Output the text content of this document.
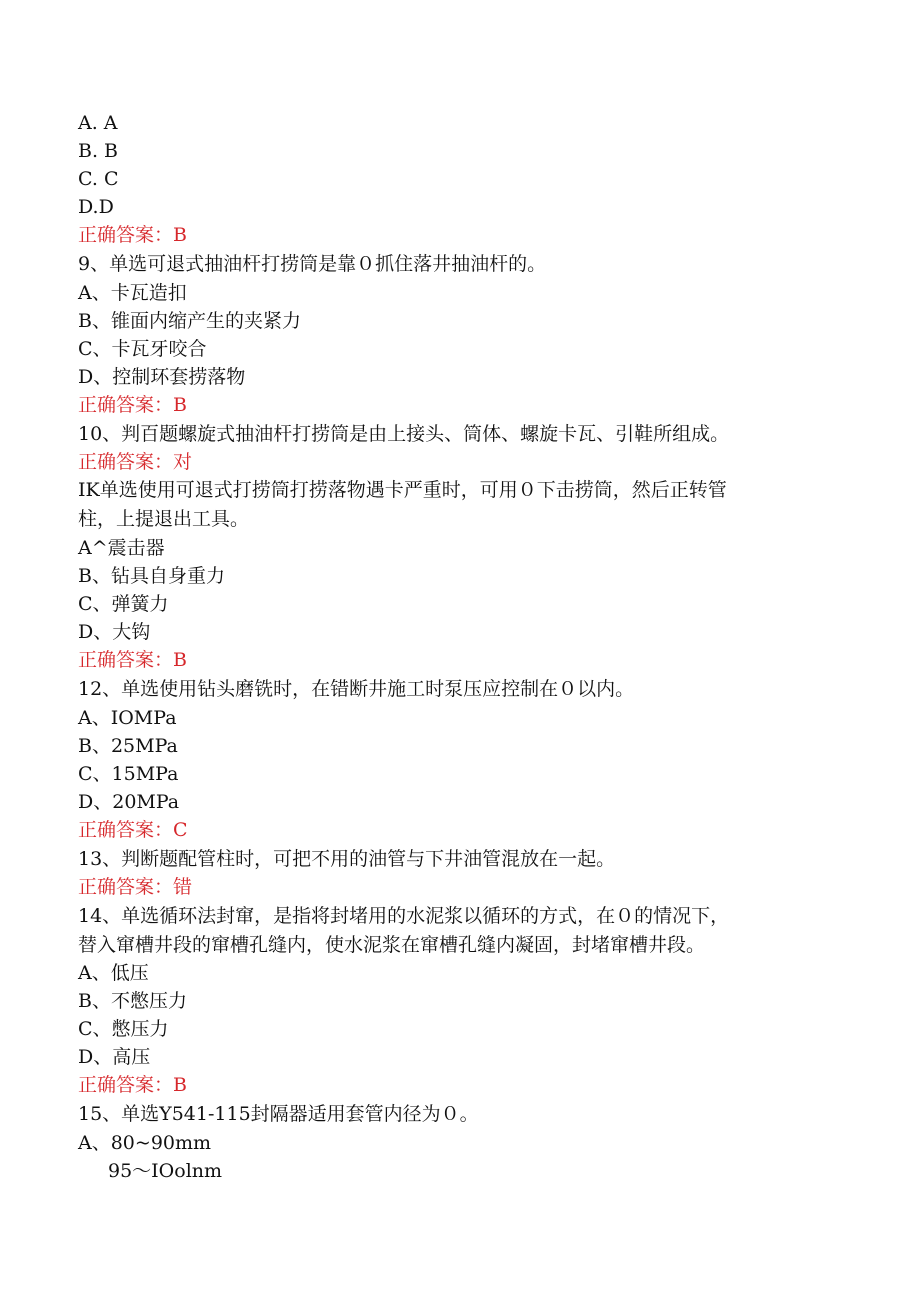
A. A
B. B
C. C
D.D
正确答案：B
9、单选可退式抽油杆打捞筒是靠０抓住落井抽油杆的。
A、卡瓦造扣
B、锥面内缩产生的夹紧力
C、卡瓦牙咬合
D、控制环套捞落物
正确答案：B
10、判百题螺旋式抽油杆打捞筒是由上接头、筒体、螺旋卡瓦、引鞋所组成。
正确答案：对
IK单选使用可退式打捞筒打捞落物遇卡严重时，可用０下击捞筒，然后正转管
柱，上提退出工具。
A^震击器
B、钻具自身重力
C、弹簧力
D、大钩
正确答案：B
12、单选使用钻头磨铣时，在错断井施工时泵压应控制在０以内。
A、IOMPa
B、25MPa
C、15MPa
D、20MPa
正确答案：C
13、判断题配管柱时，可把不用的油管与下井油管混放在一起。
正确答案：错
14、单选循环法封窜，是指将封堵用的水泥浆以循环的方式，在０的情况下，
替入窜槽井段的窜槽孔缝内，使水泥浆在窜槽孔缝内凝固，封堵窜槽井段。
A、低压
B、不憋压力
C、憋压力
D、高压
正确答案：B
15、单选Y541-115封隔器适用套管内径为０。
A、80~90mm
95～IOolnm
